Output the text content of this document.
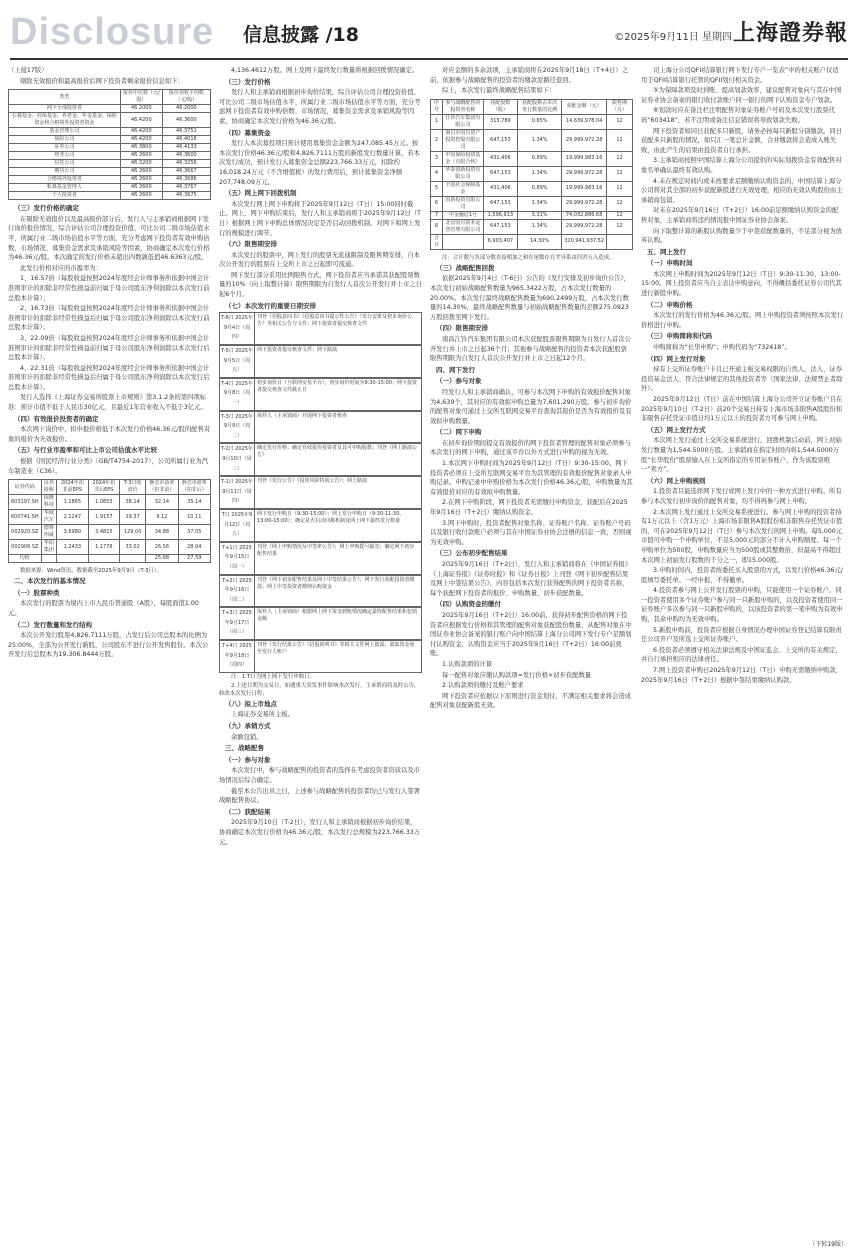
Disclosure 信息披露 /18	©2025年9月11日 星期四 上海證券報

（上接17版）

剔除无效报价和最高报价后网下投资者剩余报价信息如下：

类型	报价中位数（元/股）	报价加权平均数（元/股）
网下全部投资者	46.2000	46.2000
公募基金、社保基金、养老金、年金基金、保险资金和合格境外投资者资金	46.4200	46.3600
基金管理公司	46.4200	46.3751
保险公司	46.4200	46.4016
证券公司	46.3800	46.4133
财务公司	46.3600	46.3600
信托公司	46.3200	46.3256
期货公司	46.3600	46.3667
合格境外投资者	46.3600	46.3686
私募基金管理人	46.3600	46.3767
个人投资者	46.3600	46.3675
（三）发行价格的确定

在剔除无效报价以及最高报价部分后，发行人与主承销商根据网下发行询价报价情况，综合评估公司合理投资价值、可比公司二级市场估值水平、所属行业二级市场估值水平等方面，充分考虑网下投资者有效申购倍数、市场情况、募集资金需求及承销风险等因素，协商确定本次发行价格为46.36元/股。本次确定的发行价格未超出四数孰低值46.6363元/股。

此发行价格对应的市盈率为：

1、16.57倍（每股收益按照2024年度经会计师事务所依据中国会计准则审计的扣除非经常性损益前归属于母公司股东净利润除以本次发行前总股本计算）；

2、16.73倍（每股收益按照2024年度经会计师事务所依据中国会计准则审计的扣除非经常性损益后归属于母公司股东净利润除以本次发行前总股本计算）；

3、22.09倍（每股收益按照2024年度经会计师事务所依据中国会计准则审计的扣除非经常性损益前归属于母公司股东净利润除以本次发行后总股本计算）；

4、22.31倍（每股收益按照2024年度经会计师事务所依据中国会计准则审计的扣除非经常性损益后归属于母公司股东净利润除以本次发行后总股本计算）。

发行人选择《上海证券交易所股票上市规则》第3.1.2条的第四项标准：预计市值不低于人民币30亿元，且最近1年营业收入不低于3亿元。

（四）有效报价投资者的确定

本次网下询价中，拟申报价格低于本次发行价格46.36元/股的配售对象的报价为无效报价。

（五）与行业市盈率和可比上市公司估值水平比较

根据《国民经济行业分类》（GB/T4754-2017），公司所属行业为汽车制造业（C36）。

证券代码	证券简称	2024年扣非前EPS	2024年扣非后EPS	T-3日收盘价	静态市盈率（扣非前）	静态市盈率（扣非后）
603197.SH	保隆科技	1.1865	1.0853	38.14	32.14	35.14
600741.SH	华域汽车	2.1247	1.9157	19.37	9.12	10.11
002920.SZ	德赛西威	3.6980	3.4815	129.00	34.88	37.05
002906.SZ	华阳集团	1.2433	1.1778	33.02	26.56	28.04
均值					25.68	27.59

数据来源：Wind资讯，数据截至2025年9月9日（T-3日）。

二、本次发行的基本情况
（一）股票种类

本次发行的股票为境内上市人民币普通股（A股），每股面值1.00元。

（二）发行数量和发行结构

本次公开发行股票4,826.7111万股，占发行后公司总股本的比例为25.00%，全部为公开发行新股，公司股东不进行公开发售股份。本次公开发行后总股本为19,306.8444万股。

4,136.4612万股。网上及网下最终发行数量将根据回拨情况确定。

（三）发行价格

发行人和主承销商根据初步询价结果，综合评估公司合理投资价值、可比公司二级市场估值水平、所属行业二级市场估值水平等方面，充分考虑网下投资者有效申购倍数、市场情况、募集资金需求及承销风险等因素，协商确定本次发行价格为46.36元/股。

（四）募集资金

发行人本次募投项目预计使用募集资金金额为247,085.45万元。按本次发行价格46.36元/股和4,826.7111万股的新股发行数量计算，若本次发行成功，预计发行人募集资金总额223,766.33万元，扣除约16,018.24万元（不含增值税）的发行费用后，预计募集资金净额207,748.09万元。

（五）网上网下回拨机制

本次发行网上网下申购将于2025年9月12日（T日）15:00同时截止。网上、网下申购结束后，发行人和主承销商将于2025年9月12日（T日）根据网上网下申购总体情况决定是否启动回拨机制，对网下和网上发行的规模进行调节。

（六）限售期安排

本次发行的股票中，网上发行的股票无流通限制及限售期安排，自本次公开发行的股票在上交所上市之日起即可流通。

网下发行部分采用比例限售方式，网下投资者应当承诺其获配股票数量的10%（向上取整计算）限售期限为自发行人首次公开发行并上市之日起6个月。

（七）本次发行的重要日期安排
T-6日 2025年9月4日（周四）
刊登《招股意向书》《招股意向书提示性公告》《发行安排及初步询价公告》等相关公告与文件；网下投资者提交核查文件
T-5日 2025年9月5日（周五）
网下投资者提交核查文件；网下路演
T-4日 2025年9月8日（周一）
初步询价日（互联网交易平台），初步询价时间为9:30-15:00；网下投资者提交核查文件截止日
T-3日 2025年9月9日（周二）
保荐人（主承销商）开展网下投资者核查
T-2日 2025年9月10日（周三）
确定发行价格；确定有效报价投资者及其可申购股数；刊登《网上路演公告》
T-1日 2025年9月11日（周四）
刊登《发行公告》《投资风险特别公告》；网上路演
T日 2025年9月12日（周五）
网下发行申购日（9:30-15:00）；网上发行申购日（9:30-11:30，13:00-15:00）；确定是否启动回拨机制及网上网下最终发行数量
T+1日 2025年9月15日（周一）
刊登《网上申购情况及中签率公告》；网上申购摇号抽签；确定网下初步配售结果
T+2日 2025年9月16日（周二）
刊登《网下初步配售结果及网上中签结果公告》；网下发行获配投资者缴款；网上中签投资者缴纳认购资金
T+3日 2025年9月17日（周三）
保荐人（主承销商）根据网上网下资金到账情况确定最终配售结果和包销金额
T+4日 2025年9月18日（周四）
刊登《发行结果公告》《招股说明书》等相关文件网上披露；募集资金划至发行人账户

注：1.T日为网上网下发行申购日；

2.上述日期为交易日，如遇重大突发事件影响本次发行，主承销商将及时公告，修改本次发行日程；

（八）拟上市地点

上海证券交易所主板。

（九）承销方式

余额包销。

三、战略配售
（一）参与对象

本次发行中，参与战略配售的投资者的选择在考虑投资者资质以及市场情况后综合确定。

截至本公告出具之日，上述参与战略配售的投资者均已与发行人签署战略配售协议。

（二）获配结果

2025年9月10日（T-2日），发行人和主承销商根据初步询价结果，协商确定本次发行价格为46.36元/股，本次发行总规模为223,766.33万元。

对应金额的多余款项，主承销商将在2025年9月18日（T+4日）之前，依据参与战略配售的投资者的缴款原路径退回。

综上，本次发行最终战略配售结果如下：

序号	参与战略配售的投资者名称	获配股数（股）	获配股数占本次发行数量的比例	获配金额（元）	限售期（月）
1	江铃汽车集团有限公司	315,789	0.65%	14,639,978.04	12
2	南昌市国有资产投资控股有限公司	647,153	1.34%	29,999,972.28	12
3	中国保险投资基金（有限合伙）	431,406	0.89%	19,999,983.16	12
4	华泰创新投资有限公司	647,153	1.34%	29,999,972.28	12
5	全国社会保障基金	431,406	0.89%	19,999,983.16	12
6	国新投资有限公司	647,153	1.34%	29,999,972.28	12
7	中金融启1号	1,596,913	3.31%	74,032,886.68	12
8	北京国有资本运营管理有限公司	647,153	1.34%	29,999,972.28	12
合计		6,903,407	14.30%	320,941,937.52	

注：合计数与各部分数直接相加之和在尾数存在差异系由四舍五入造成。

（三）战略配售回拨

依据2025年9月4日（T-6日）公告的《发行安排及初步询价公告》，本次发行初始战略配售数量为965.3422万股，占本次发行数量的20.00%。本次发行最终战略配售数量为690.2499万股，占本次发行数量的14.30%，最终战略配售数量与初始战略配售数量的差额275.0923万股回拨至网下发行。

（四）限售期安排

南昌江铃汽车集团有限公司本次获配股票限售期限为自发行人首次公开发行并上市之日起36个月；其他参与战略配售的投资者本次获配股票限售期限为自发行人首次公开发行并上市之日起12个月。

四、网下发行
（一）参与对象

经发行人和主承销商确认，可参与本次网下申购的有效报价配售对象为4,639个，其对应的有效拟申购总量为7,601,290万股。参与初步询价的配售对象可通过上交所互联网交易平台查询其报价是否为有效报价及有效拟申购数量。

（二）网下申购

在初步询价期间提交有效报价的网下投资者管理的配售对象必须参与本次发行的网下申购，通过该平台以外方式进行申购的视为无效。

1.本次网下申购时间为2025年9月12日（T日）9:30-15:00。网下投资者必须在上交所互联网交易平台为其管理的有效报价配售对象录入申购记录。申购记录中申购价格为本次发行价格46.36元/股，申购数量为其有效报价对应的有效拟申购数量。

2.在网下申购阶段，网下投资者无需缴付申购资金，获配后在2025年9月16日（T+2日）缴纳认购资金。

3.网下申购时，投资者配售对象名称、证券账户名称、证券账户号码以及银行收付款账户必须与其在中国证券业协会注册的信息一致，否则视为无效申购。

（三）公布初步配售结果

2025年9月16日（T+2日），发行人和主承销商将在《中国证券报》《上海证券报》《证券时报》和《证券日报》上刊登《网下初步配售结果及网上中签结果公告》，内容包括本次发行获得配售的网下投资者名称、每个获配网下投资者的报价、申购数量、初步获配数量。

（四）认购资金的缴付

2025年9月16日（T+2日）16:00前，获得初步配售资格的网下投资者应根据发行价格和其管理的配售对象获配股份数量，从配售对象在中国证券业协会备案的银行账户向中国结算上海分公司网下发行专户足额划付认购资金，认购资金应当于2025年9月16日（T+2日）16:00前到账。

1.认购款项的计算

每一配售对象应缴认购款项=发行价格×初步获配数量

2.认购款项的缴付及账户要求

网下投资者应依据以下原则进行资金划付，不满足相关要求将会造成配售对象获配新股无效。

司上海分公司QFII结算银行网下发行专户一览表”中的相关账户仅适用于QFII结算银行托管的QFII划付相关资金。

⑤为保障款项及时到账、提高划款效率，建议配售对象向与其在中国证券业协会备案的银行收付款账户同一银行的网下认购资金专户划款。

⑥划款时应在备注栏注明配售对象证券账户号码及本次发行股票代码“603418”，若不注明或备注信息错误将导致划款失败。

网下投资者如同日获配多只新股，请务必按每只新股分别缴款。同日获配多只新股的情况，如只汇一笔总计金额，合并缴款将会造成入账失败，由此产生的后果由投资者自行承担。

3.主承销商按照中国结算上海分公司提供的实际划拨资金有效配售对象名单确认最终有效认购。

4.未在规定时间内或未按要求足额缴纳认购资金的，中国结算上海分公司将对其全部的初步获配新股进行无效处理，相应的无效认购股份由主承销商包销。

对未在2025年9月16日（T+2日）16:00前足额缴纳认购资金的配售对象，主承销商将违约情况报中国证券业协会备案。

向下取整计算的新股认购数量少于中签获配数量的，不足部分视为放弃认购。

五、网上发行
（一）申购时间

本次网上申购时间为2025年9月12日（T日）9:30-11:30、13:00-15:00。网上投资者应当自主表达申购意向，不得概括委托证券公司代其进行新股申购。

（二）申购价格

本次发行的发行价格为46.36元/股。网上申购投资者须按照本次发行价格进行申购。

（三）申购简称和代码

申购简称为“长华申购”；申购代码为“732418”。

（四）网上发行对象

持有上交所证券账户卡且已开通主板交易权限的自然人、法人、证券投资基金法人、符合法律规定的其他投资者等（国家法律、法规禁止者除外）。

2025年9月12日（T日）前在中国结算上海分公司开立证券账户且在2025年9月10日（T-2日）前20个交易日持有上海市场非限售A股股份和非限售存托凭证市值日均1万元以上的投资者方可参与网上申购。

（五）网上发行方式

本次网上发行通过上交所交易系统进行，回拨机制启动前，网上初始发行数量为1,544.5000万股。主承销商在指定时间内将1,544.5000万股“长华股份”股票输入在上交所指定的专用证券账户，作为该股票唯一“卖方”。

（六）网上申购规则

1.投资者只能选择网下发行或网上发行中的一种方式进行申购。所有参与本次发行初步询价的配售对象，均不得再参与网上申购。

2.本次网上发行通过上交所交易系统进行。参与网上申购的投资者持有1万元以上（含1万元）上海市场非限售A股股份和非限售存托凭证市值的，可在2025年9月12日（T日）参与本次发行的网上申购。每5,000元市值可申购一个申购单位，不足5,000元的部分不计入申购额度。每一个申购单位为500股，申购数量应当为500股或其整数倍，但最高不得超过本次网上初始发行股数的千分之一，即15,000股。

3.申购时间内，投资者按委托买入股票的方式，以发行价格46.36元/股填写委托单。一经申报，不得撤单。

4.投资者参与网上公开发行股票的申购，只能使用一个证券账户。同一投资者使用多个证券账户参与同一只新股申购的，以及投资者使用同一证券账户多次参与同一只新股申购的，以该投资者的第一笔申购为有效申购，其余申购均为无效申购。

5.新股申购前，投资者应根据自身情况办理中国证券登记结算有限责任公司开户及所选上交所证券账户。

6.投资者必须遵守相关法律法规及中国证监会、上交所的有关规定，并自行承担相应的法律责任。

7.网上投资者申购日2025年9月12日（T日）申购无需缴纳申购款，2025年9月16日（T+2日）根据中签结果缴纳认购款。

（下转19版）
